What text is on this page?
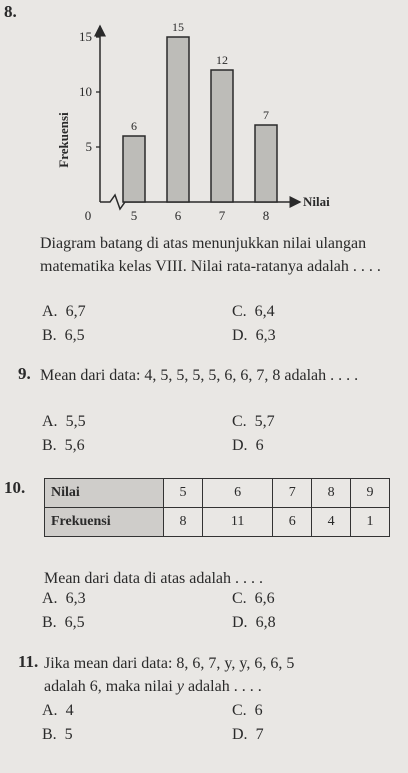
8.
5
10
15
6
5
15
6
12
7
7
8
Frekuensi
Nilai
0
Diagram batang di atas menunjukkan nilai ulangan matematika kelas VIII. Nilai rata-ratanya adalah . . . .
A. 6,7	C. 6,4
B. 6,5	D. 6,3
9. Mean dari data: 4, 5, 5, 5, 5, 6, 6, 7, 8 adalah . . . .
A. 5,5	C. 5,7
B. 5,6	D. 6
10. Nilai	5	6	7	8	9
Frekuensi	8	11	6	4	1
Mean dari data di atas adalah . . . .
A. 6,3	C. 6,6
B. 6,5	D. 6,8
11. Jika mean dari data: 8, 6, 7, y, y, 6, 6, 5
adalah 6, maka nilai y adalah . . . .
A. 4	C. 6
B. 5	D. 7
